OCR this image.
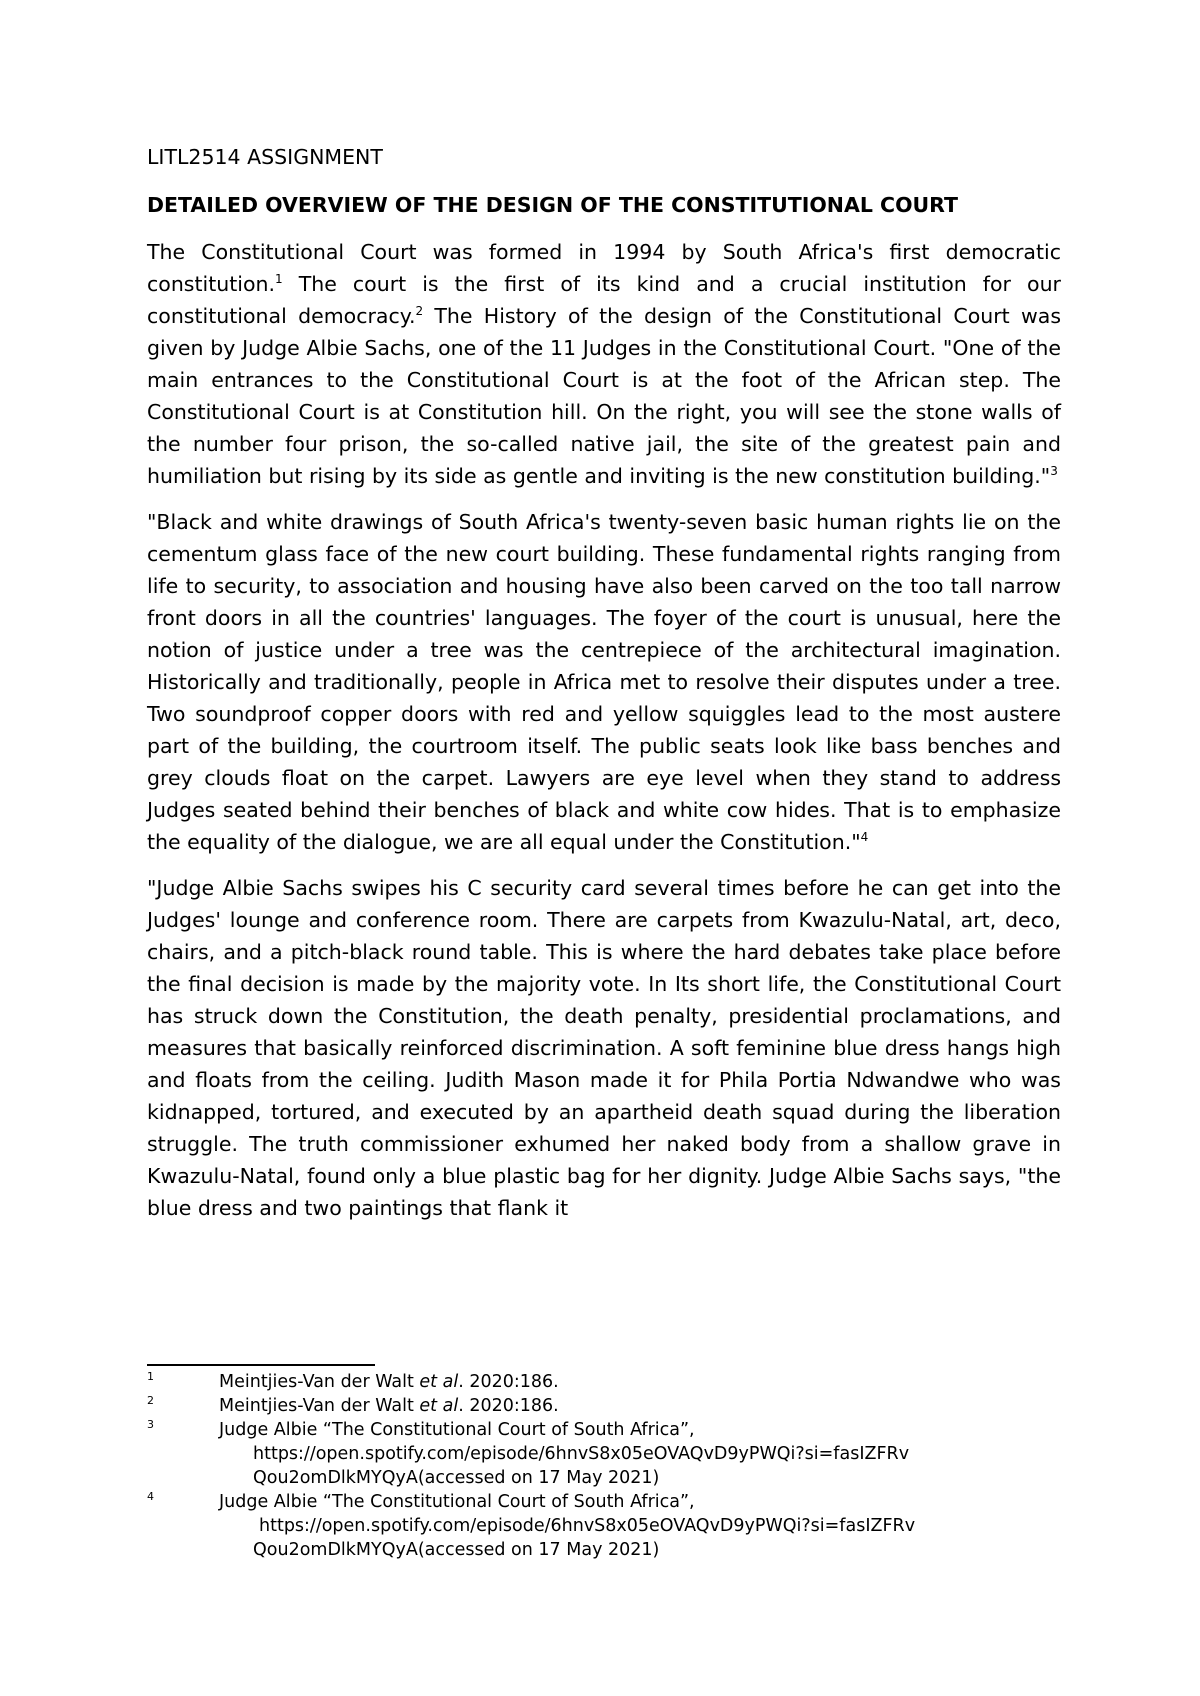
LITL2514 ASSIGNMENT
DETAILED OVERVIEW OF THE DESIGN OF THE CONSTITUTIONAL COURT

The Constitutional Court was formed in 1994 by South Africa's first democratic constitution.$^1$ The court is the first of its kind and a crucial institution for our constitutional democracy.$^2$ The History of the design of the Constitutional Court was given by Judge Albie Sachs, one of the 11 Judges in the Constitutional Court. "One of the main entrances to the Constitutional Court is at the foot of the African step. The Constitutional Court is at Constitution hill. On the right, you will see the stone walls of the number four prison, the so-called native jail, the site of the greatest pain and humiliation but rising by its side as gentle and inviting is the new constitution building."$^3$

"Black and white drawings of South Africa's twenty-seven basic human rights lie on the cementum glass face of the new court building. These fundamental rights ranging from life to security, to association and housing have also been carved on the too tall narrow front doors in all the countries' languages. The foyer of the court is unusual, here the notion of justice under a tree was the centrepiece of the architectural imagination. Historically and traditionally, people in Africa met to resolve their disputes under a tree. Two soundproof copper doors with red and yellow squiggles lead to the most austere part of the building, the courtroom itself. The public seats look like bass benches and grey clouds float on the carpet. Lawyers are eye level when they stand to address Judges seated behind their benches of black and white cow hides. That is to emphasize the equality of the dialogue, we are all equal under the Constitution."$^4$

"Judge Albie Sachs swipes his C security card several times before he can get into the Judges' lounge and conference room. There are carpets from Kwazulu-Natal, art, deco, chairs, and a pitch-black round table. This is where the hard debates take place before the final decision is made by the majority vote. In Its short life, the Constitutional Court has struck down the Constitution, the death penalty, presidential proclamations, and measures that basically reinforced discrimination. A soft feminine blue dress hangs high and floats from the ceiling. Judith Mason made it for Phila Portia Ndwandwe who was kidnapped, tortured, and executed by an apartheid death squad during the liberation struggle. The truth commissioner exhumed her naked body from a shallow grave in Kwazulu-Natal, found only a blue plastic bag for her dignity. Judge Albie Sachs says, "the blue dress and two paintings that flank it

1	Meintjies-Van der Walt et al. 2020:186.
2	Meintjies-Van der Walt et al. 2020:186.
3	Judge Albie “The Constitutional Court of South Africa”,
https://open.spotify.com/episode/6hnvS8x05eOVAQvD9yPWQi?si=fasIZFRv
Qou2omDlkMYQyA(accessed on 17 May 2021)
4	Judge Albie “The Constitutional Court of South Africa”,
https://open.spotify.com/episode/6hnvS8x05eOVAQvD9yPWQi?si=fasIZFRv
Qou2omDlkMYQyA(accessed on 17 May 2021)
